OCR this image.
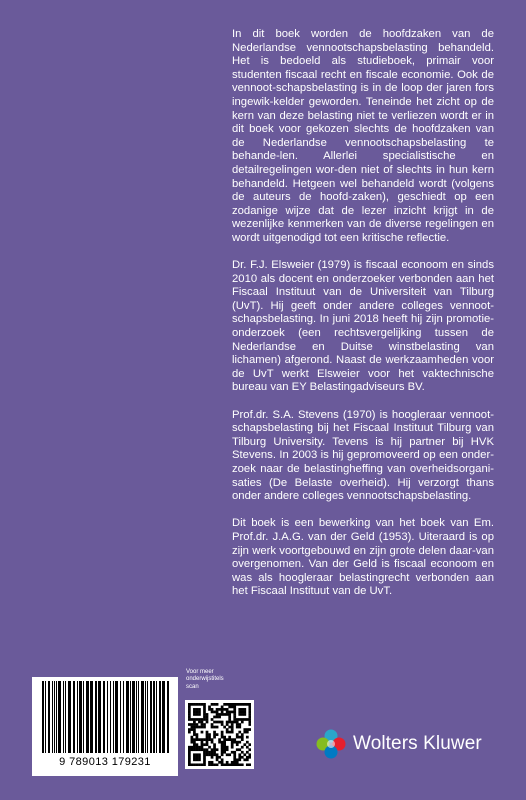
In dit boek worden de hoofdzaken van de Nederlandse vennootschapsbelasting behandeld. Het is bedoeld als studieboek, primair voor studenten fiscaal recht en fiscale economie. Ook de vennoot-schapsbelasting is in de loop der jaren fors ingewik-kelder geworden. Teneinde het zicht op de kern van deze belasting niet te verliezen wordt er in dit boek voor gekozen slechts de hoofdzaken van de Nederlandse vennootschapsbelasting te behande-len. Allerlei specialistische en detailregelingen wor-den niet of slechts in hun kern behandeld. Hetgeen wel behandeld wordt (volgens de auteurs de hoofd-zaken), geschiedt op een zodanige wijze dat de lezer inzicht krijgt in de wezenlijke kenmerken van de diverse regelingen en wordt uitgenodigd tot een kritische reflectie.

Dr. F.J. Elsweier (1979) is fiscaal econoom en sinds 2010 als docent en onderzoeker verbonden aan het Fiscaal Instituut van de Universiteit van Tilburg (UvT). Hij geeft onder andere colleges vennoot-schapsbelasting. In juni 2018 heeft hij zijn promotie-onderzoek (een rechtsvergelijking tussen de Nederlandse en Duitse winstbelasting van lichamen) afgerond. Naast de werkzaamheden voor de UvT werkt Elsweier voor het vaktechnische bureau van EY Belastingadviseurs BV.

Prof.dr. S.A. Stevens (1970) is hoogleraar vennoot-schapsbelasting bij het Fiscaal Instituut Tilburg van Tilburg University. Tevens is hij partner bij HVK Stevens. In 2003 is hij gepromoveerd op een onder-zoek naar de belastingheffing van overheidsorgani-saties (De Belaste overheid). Hij verzorgt thans onder andere colleges vennootschapsbelasting.

Dit boek is een bewerking van het boek van Em. Prof.dr. J.A.G. van der Geld (1953). Uiteraard is op zijn werk voortgebouwd en zijn grote delen daar-van overgenomen. Van der Geld is fiscaal econoom en was als hoogleraar belastingrecht verbonden aan het Fiscaal Instituut van de UvT.

9 789013 179231
Voor meer onderwijstitels scan
Wolters Kluwer
